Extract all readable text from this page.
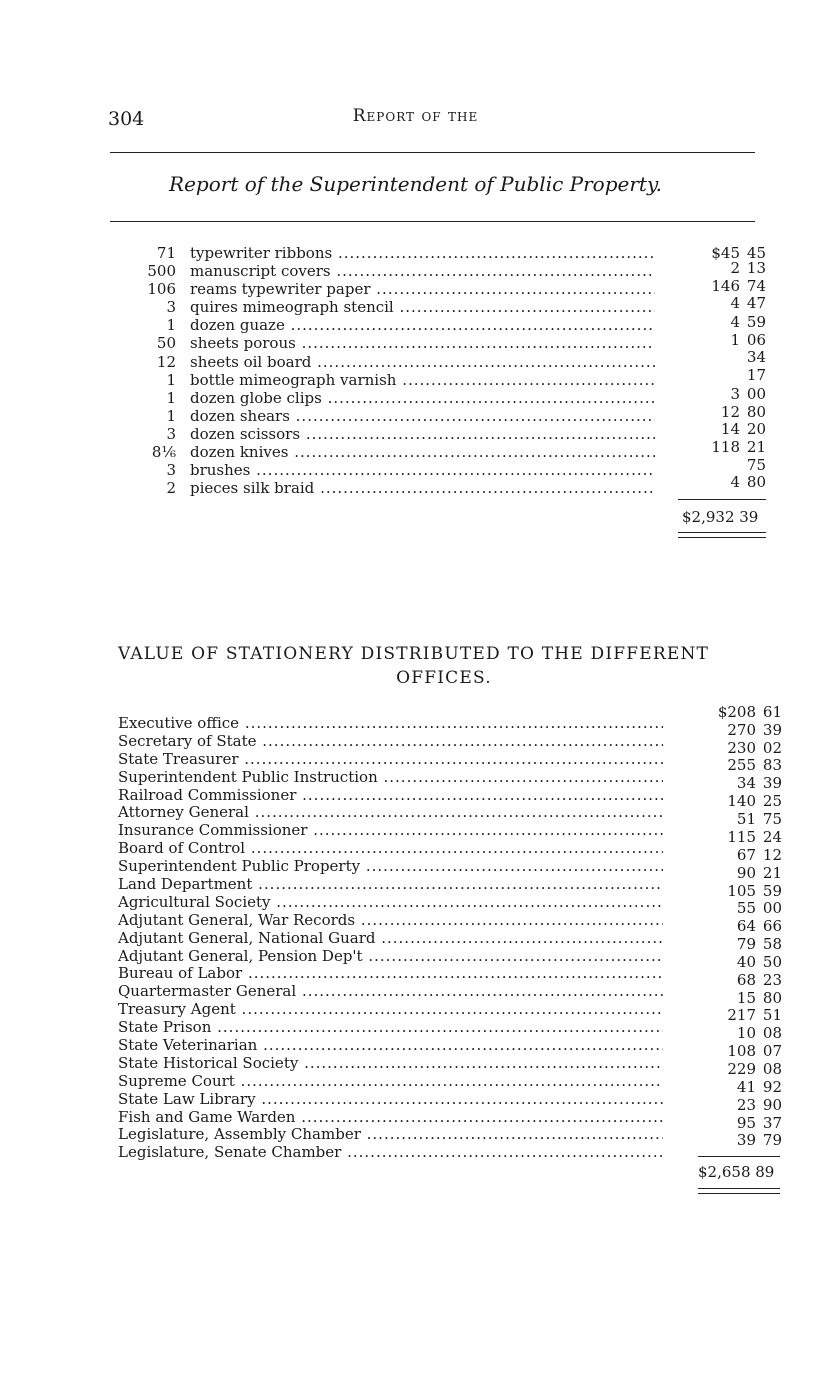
304	Report of the
Report of the Superintendent of Public Property.
71 typewriter ribbons .....
500 manuscript covers .....
106 reams typewriter paper .....
3 quires mimeograph stencil .....
1 dozen guaze .....
50 sheets porous .....
12 sheets oil board .....
1 bottle mimeograph varnish .....
1 dozen globe clips .....
1 dozen shears .....
3 dozen scissors .....
8⅙ dozen knives .....
3 brushes .....
2 pieces silk braid .....
$45 45
2 13
146 74
4 47
4 59
1 06
34
17
3 00
12 80
14 20
118 21
75
4 80
$2,932 39
VALUE OF STATIONERY DISTRIBUTED TO THE DIFFERENT
OFFICES.
Executive office .....
Secretary of State .....
State Treasurer .....
Superintendent Public Instruction .....
Railroad Commissioner .....
Attorney General .....
Insurance Commissioner .....
Board of Control .....
Superintendent Public Property .....
Land Department .....
Agricultural Society .....
Adjutant General, War Records .....
Adjutant General, National Guard .....
Adjutant General, Pension Dep't .....
Bureau of Labor .....
Quartermaster General .....
Treasury Agent .....
State Prison .....
State Veterinarian .....
State Historical Society .....
Supreme Court .....
State Law Library .....
Fish and Game Warden .....
Legislature, Assembly Chamber .....
Legislature, Senate Chamber .....
$208 61
270 39
230 02
255 83
34 39
140 25
51 75
115 24
67 12
90 21
105 59
55 00
64 66
79 58
40 50
68 23
15 80
217 51
10 08
108 07
229 08
41 92
23 90
95 37
39 79
$2,658 89
